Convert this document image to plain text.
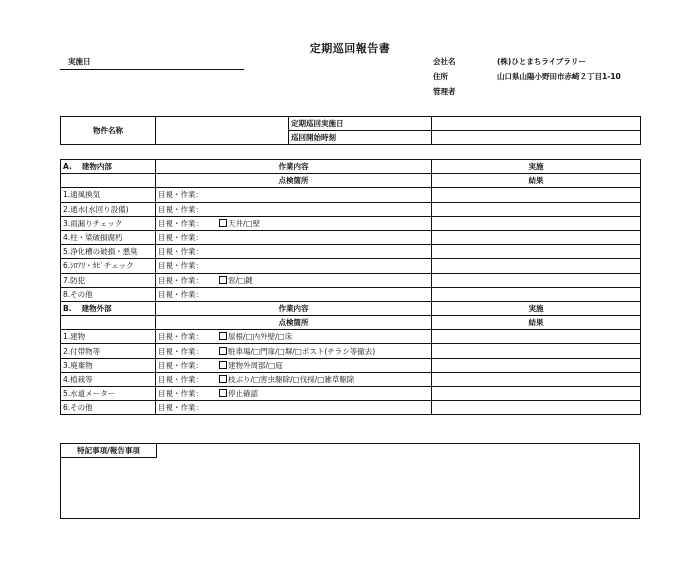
定期巡回報告書
実施日	会社名	(株)ひとまちライブラリー
住所	山口県山陽小野田市赤崎２丁目1-10
管理者
物件名称		定期巡回実施日	
		巡回開始時刻	
A.　 建物内部	作業内容	実施
	点検箇所	結果
1.通風換気	目視・作業：	
2.通水(水回り設備)	目視・作業：	
3.雨漏りチェック	目視・作業： 天井/□壁	
4.柱・梁破損腐朽	目視・作業：	
5.浄化槽の破損・悪臭	目視・作業：	
6.ｼﾛｱﾘ・ｶﾋﾞチェック	目視・作業：	
7.防犯	目視・作業： 窓/□鍵	
8.その他	目視・作業：	
B.　 建物外部	作業内容	実施
	点検箇所	結果
1.建物	目視・作業： 屋根/□内外壁/□床	
2.付帯物等	目視・作業： 駐車場/□門扉/□塀/□ポスト(チラシ等撤去)	
3.廃棄物	目視・作業： 建物外周部/□庭	
4.植栽等	目視・作業： 枝ぶり/□害虫駆除/□伐採/□雑草駆除	
5.水道メーター	目視・作業： 停止確認	
6.その他	目視・作業：	
特記事項/報告事項
